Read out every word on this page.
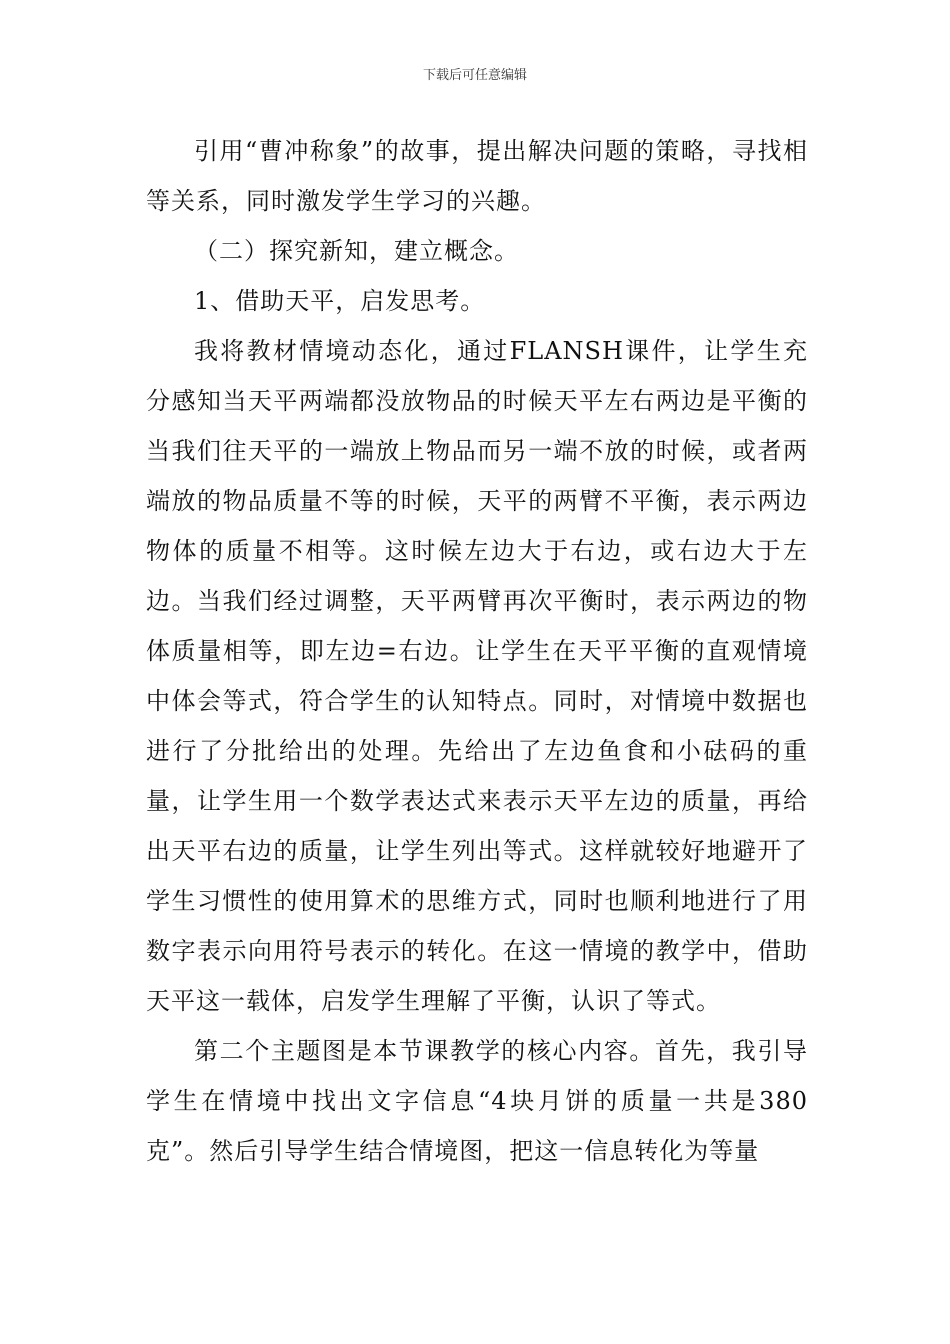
下载后可任意编辑

引用“曹冲称象”的故事，提出解决问题的策略，寻找相等关系，同时激发学生学习的兴趣。

（二）探究新知，建立概念。

1、借助天平，启发思考。

我将教材情境动态化，通过FLANSH课件，让学生充分感知当天平两端都没放物品的时候天平左右两边是平衡的当我们往天平的一端放上物品而另一端不放的时候，或者两端放的物品质量不等的时候，天平的两臂不平衡，表示两边物体的质量不相等。这时候左边大于右边，或右边大于左边。当我们经过调整，天平两臂再次平衡时，表示两边的物体质量相等，即左边=右边。让学生在天平平衡的直观情境中体会等式，符合学生的认知特点。同时，对情境中数据也进行了分批给出的处理。先给出了左边鱼食和小砝码的重量，让学生用一个数学表达式来表示天平左边的质量，再给出天平右边的质量，让学生列出等式。这样就较好地避开了学生习惯性的使用算术的思维方式，同时也顺利地进行了用数字表示向用符号表示的转化。在这一情境的教学中，借助天平这一载体，启发学生理解了平衡，认识了等式。

第二个主题图是本节课教学的核心内容。首先，我引导学生在情境中找出文字信息“4块月饼的质量一共是380克”。然后引导学生结合情境图，把这一信息转化为等量
